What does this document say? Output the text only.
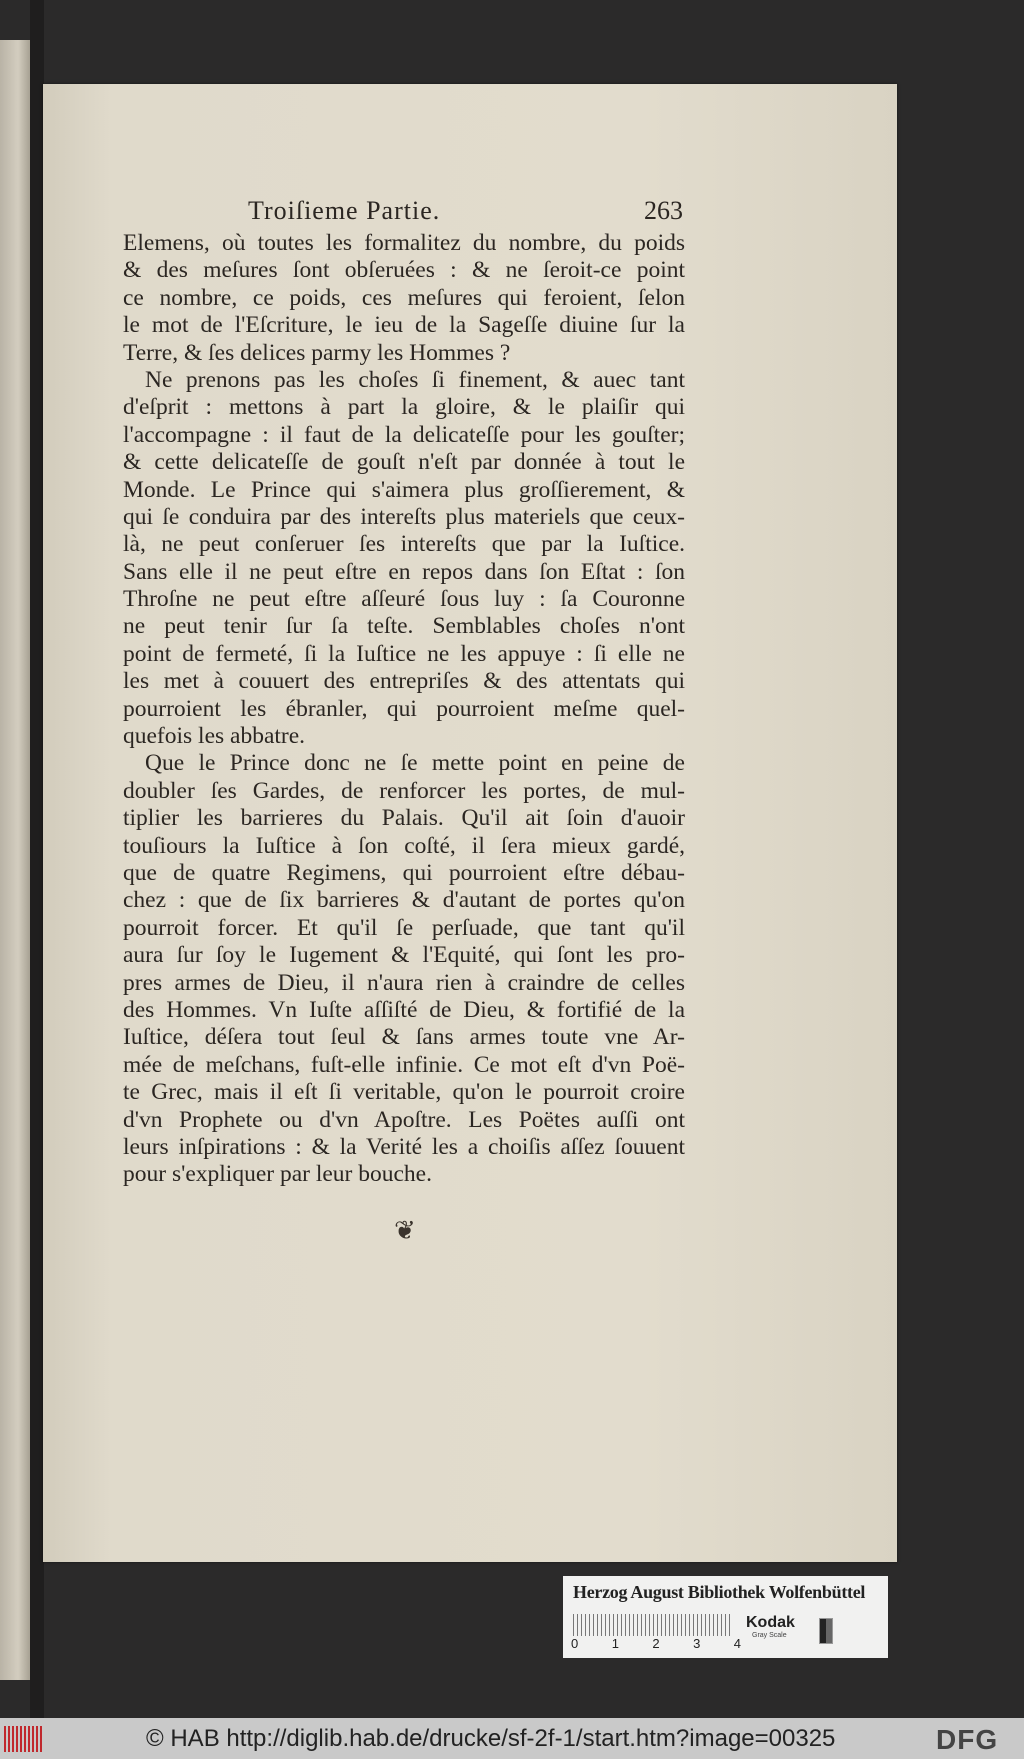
Troiſieme Partie.	263
Elemens, où toutes les formalitez du nombre, du poids
& des meſures ſont obſeruées : & ne ſeroit-ce point
ce nombre, ce poids, ces meſures qui feroient, ſelon
le mot de l'Eſcriture, le ieu de la Sageſſe diuine ſur la
Terre, & ſes delices parmy les Hommes ?
Ne prenons pas les choſes ſi finement, & auec tant
d'eſprit : mettons à part la gloire, & le plaiſir qui
l'accompagne : il faut de la delicateſſe pour les gouſter;
& cette delicateſſe de gouſt n'eſt par donnée à tout le
Monde. Le Prince qui s'aimera plus groſſierement, &
qui ſe conduira par des intereſts plus materiels que ceux-
là, ne peut conſeruer ſes intereſts que par la Iuſtice.
Sans elle il ne peut eſtre en repos dans ſon Eſtat : ſon
Throſne ne peut eſtre aſſeuré ſous luy : ſa Couronne
ne peut tenir ſur ſa teſte. Semblables choſes n'ont
point de fermeté, ſi la Iuſtice ne les appuye : ſi elle ne
les met à couuert des entrepriſes & des attentats qui
pourroient les ébranler, qui pourroient meſme quel-
quefois les abbatre.
Que le Prince donc ne ſe mette point en peine de
doubler ſes Gardes, de renforcer les portes, de mul-
tiplier les barrieres du Palais. Qu'il ait ſoin d'auoir
touſiours la Iuſtice à ſon coſté, il ſera mieux gardé,
que de quatre Regimens, qui pourroient eſtre débau-
chez : que de ſix barrieres & d'autant de portes qu'on
pourroit forcer. Et qu'il ſe perſuade, que tant qu'il
aura ſur ſoy le Iugement & l'Equité, qui ſont les pro-
pres armes de Dieu, il n'aura rien à craindre de celles
des Hommes. Vn Iuſte aſſiſté de Dieu, & fortifié de la
Iuſtice, déſera tout ſeul & ſans armes toute vne Ar-
mée de meſchans, fuſt-elle infinie. Ce mot eſt d'vn Poë-
te Grec, mais il eſt ſi veritable, qu'on le pourroit croire
d'vn Prophete ou d'vn Apoſtre. Les Poëtes auſſi ont
leurs inſpirations : & la Verité les a choiſis aſſez ſouuent
pour s'expliquer par leur bouche.
❦
Herzog August Bibliothek Wolfenbüttel
0	1	2	3	4
Kodak
Gray Scale
© HAB http://diglib.hab.de/drucke/sf-2f-1/start.htm?image=00325	DFG
